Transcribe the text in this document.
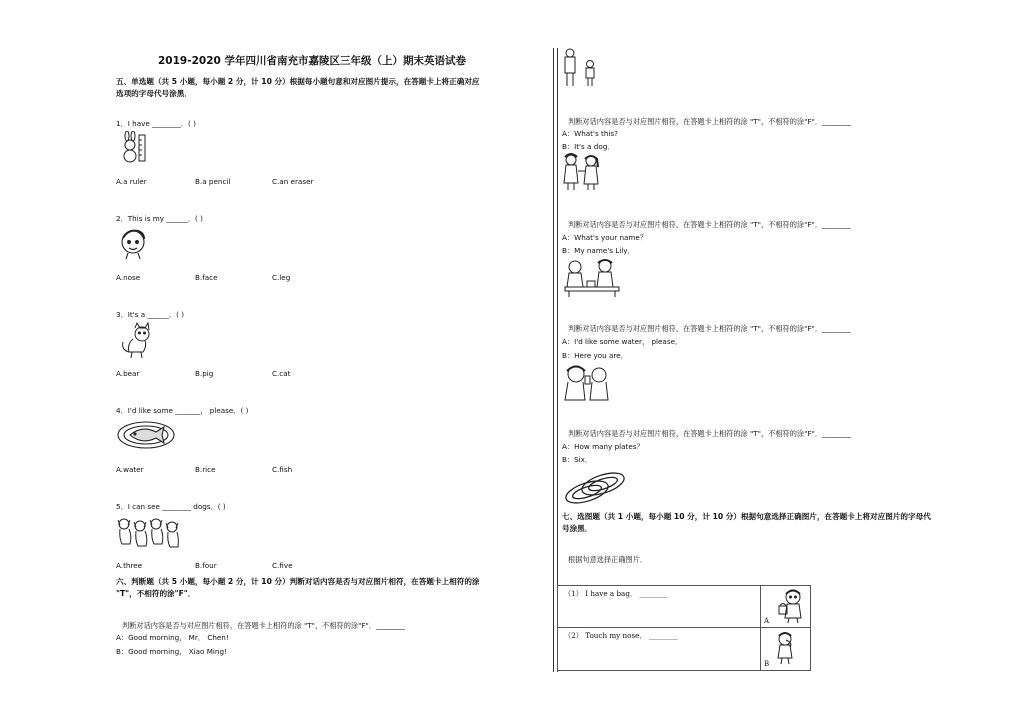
2019-2020 学年四川省南充市嘉陵区三年级（上）期末英语试卷
五、单选题（共 5 小题，每小题 2 分，计 10 分）根据每小题句意和对应图片提示，在答题卡上将正确对应
选项的字母代号涂黑．
1．I have ________．( )
A.a ruler	B.a pencil	C.an eraser
2．This is my ______．( )
A.nose	B.face	C.leg
3．It's a ______．( )
A.bear	B.pig	C.cat
4．I'd like some _______， please．( )
A.water	B.rice	C.fish
5．I can see ________ dogs．( )
A.three	B.four	C.five
六、判断题（共 5 小题，每小题 2 分，计 10 分）判断对话内容是否与对应图片相符，在答题卡上相符的涂
"T"，不相符的涂"F"．
判断对话内容是否与对应图片相符，在答题卡上相符的涂 "T"，不相符的涂"F"．________
A：Good morning， Mr． Chen!
B：Good morning， Xiao Ming!
判断对话内容是否与对应图片相符，在答题卡上相符的涂 "T"，不相符的涂"F"．________
A：What's this?
B：It's a dog．
判断对话内容是否与对应图片相符，在答题卡上相符的涂 "T"，不相符的涂"F"．________
A：What's your name？
B：My name's Lily．
判断对话内容是否与对应图片相符，在答题卡上相符的涂 "T"，不相符的涂"F"．________
A：I'd like some water， please．
B：Here you are．
判断对话内容是否与对应图片相符，在答题卡上相符的涂 "T"，不相符的涂"F"．________
A：How many plates？
B：Six．
七、选图题（共 1 小题，每小题 10 分，计 10 分）根据句意选择正确图片，在答题卡上将对应图片的字母代
号涂黑．
根据句意选择正确图片．
（1） I have a bag． ________	A

（2） Touch my nose． ________	B
